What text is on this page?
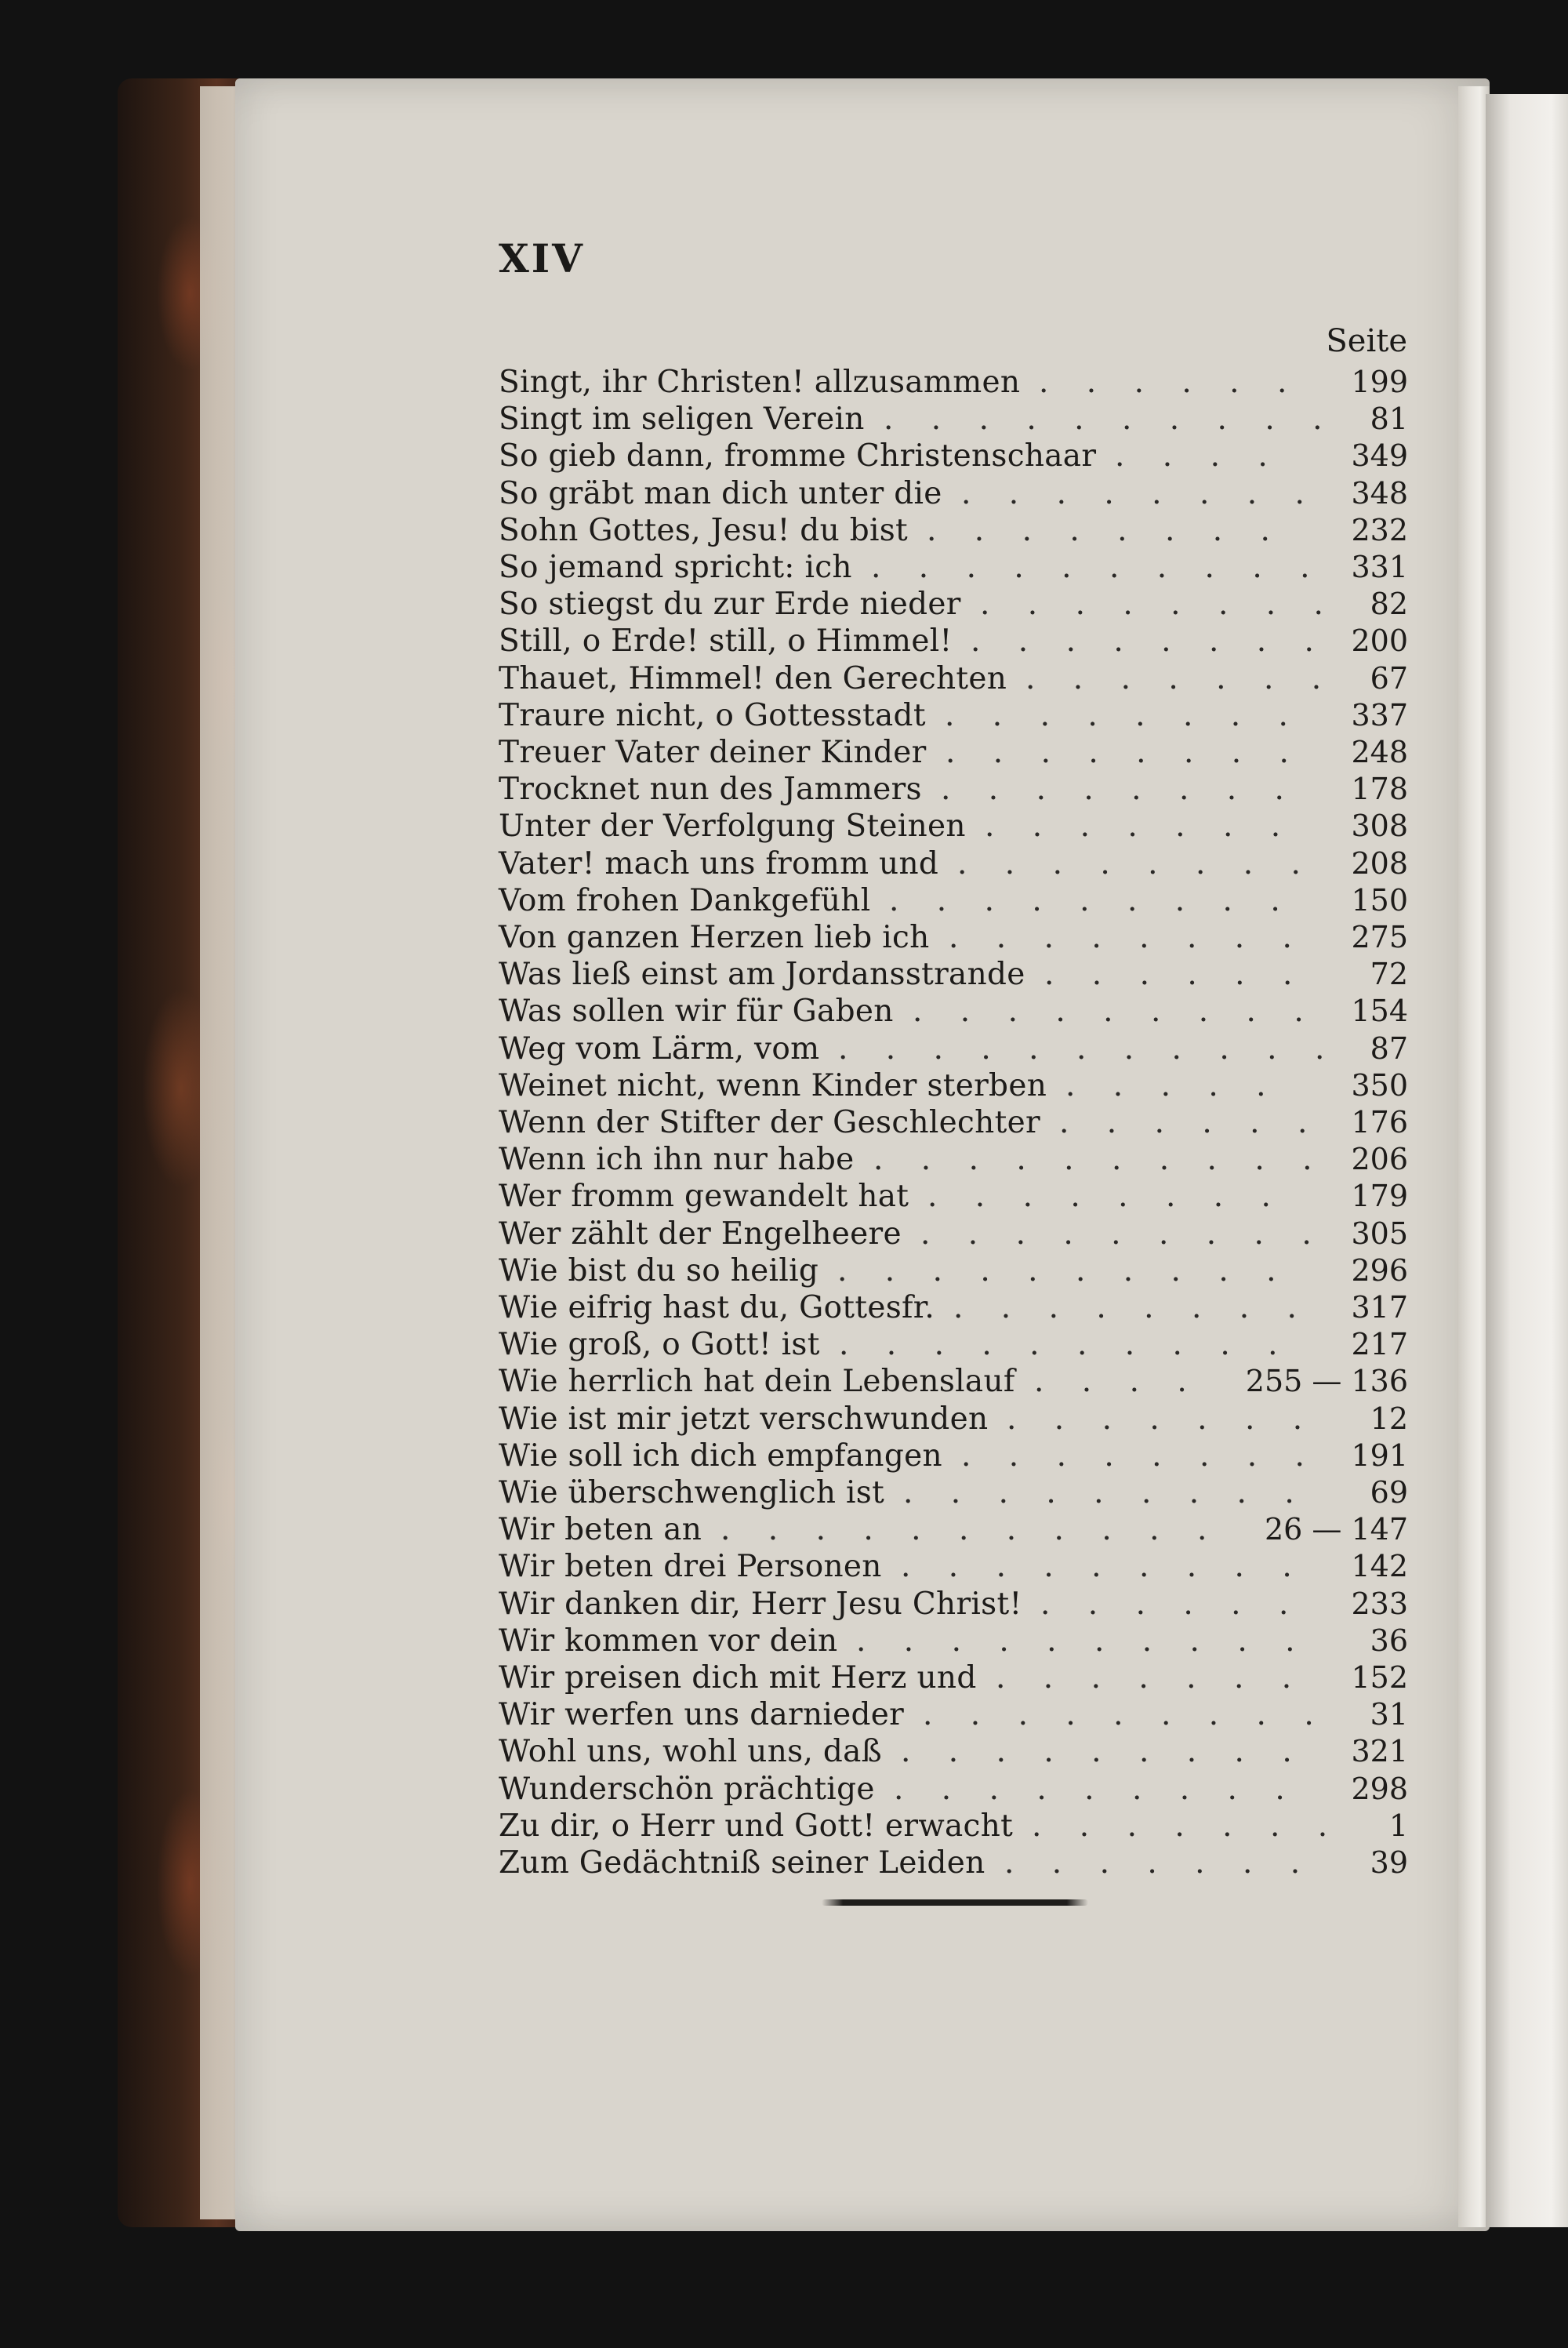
XIV
Seite
Singt, ihr Christen! allzusammen	199
. . . . . .
Singt im seligen Verein	81
. . . . . . . . . .
So gieb dann, fromme Christenschaar	349
. . . .
So gräbt man dich unter die	348
. . . . . . . .
Sohn Gottes, Jesu! du bist	232
. . . . . . . .
So jemand spricht: ich	331
. . . . . . . . . .
So stiegst du zur Erde nieder	82
. . . . . . . .
Still, o Erde! still, o Himmel!	200
. . . . . . . .
Thauet, Himmel! den Gerechten	67
. . . . . . .
Traure nicht, o Gottesstadt	337
. . . . . . . .
Treuer Vater deiner Kinder	248
. . . . . . . .
Trocknet nun des Jammers	178
. . . . . . . .
Unter der Verfolgung Steinen	308
. . . . . . .
Vater! mach uns fromm und	208
. . . . . . . .
Vom frohen Dankgefühl	150
. . . . . . . . .
Von ganzen Herzen lieb ich	275
. . . . . . . .
Was ließ einst am Jordansstrande	72
. . . . . .
Was sollen wir für Gaben	154
. . . . . . . . .
Weg vom Lärm, vom	87
. . . . . . . . . . .
Weinet nicht, wenn Kinder sterben	350
. . . . .
Wenn der Stifter der Geschlechter	176
. . . . . .
Wenn ich ihn nur habe	206
. . . . . . . . . .
Wer fromm gewandelt hat	179
. . . . . . . .
Wer zählt der Engelheere	305
. . . . . . . . .
Wie bist du so heilig	296
. . . . . . . . . .
Wie eifrig hast du, Gottesfr.	317
. . . . . . . .
Wie groß, o Gott! ist	217
. . . . . . . . . .
Wie herrlich hat dein Lebenslauf	255 — 136
. . . .
Wie ist mir jetzt verschwunden	12
. . . . . . .
Wie soll ich dich empfangen	191
. . . . . . . .
Wie überschwenglich ist	69
. . . . . . . . .
Wir beten an	26 — 147
. . . . . . . . . . .
Wir beten drei Personen	142
. . . . . . . . .
Wir danken dir, Herr Jesu Christ!	233
. . . . . .
Wir kommen vor dein	36
. . . . . . . . . .
Wir preisen dich mit Herz und	152
. . . . . . .
Wir werfen uns darnieder	31
. . . . . . . . .
Wohl uns, wohl uns, daß	321
. . . . . . . . .
Wunderschön prächtige	298
. . . . . . . . .
Zu dir, o Herr und Gott! erwacht	1
. . . . . . .
Zum Gedächtniß seiner Leiden	39
. . . . . . .
